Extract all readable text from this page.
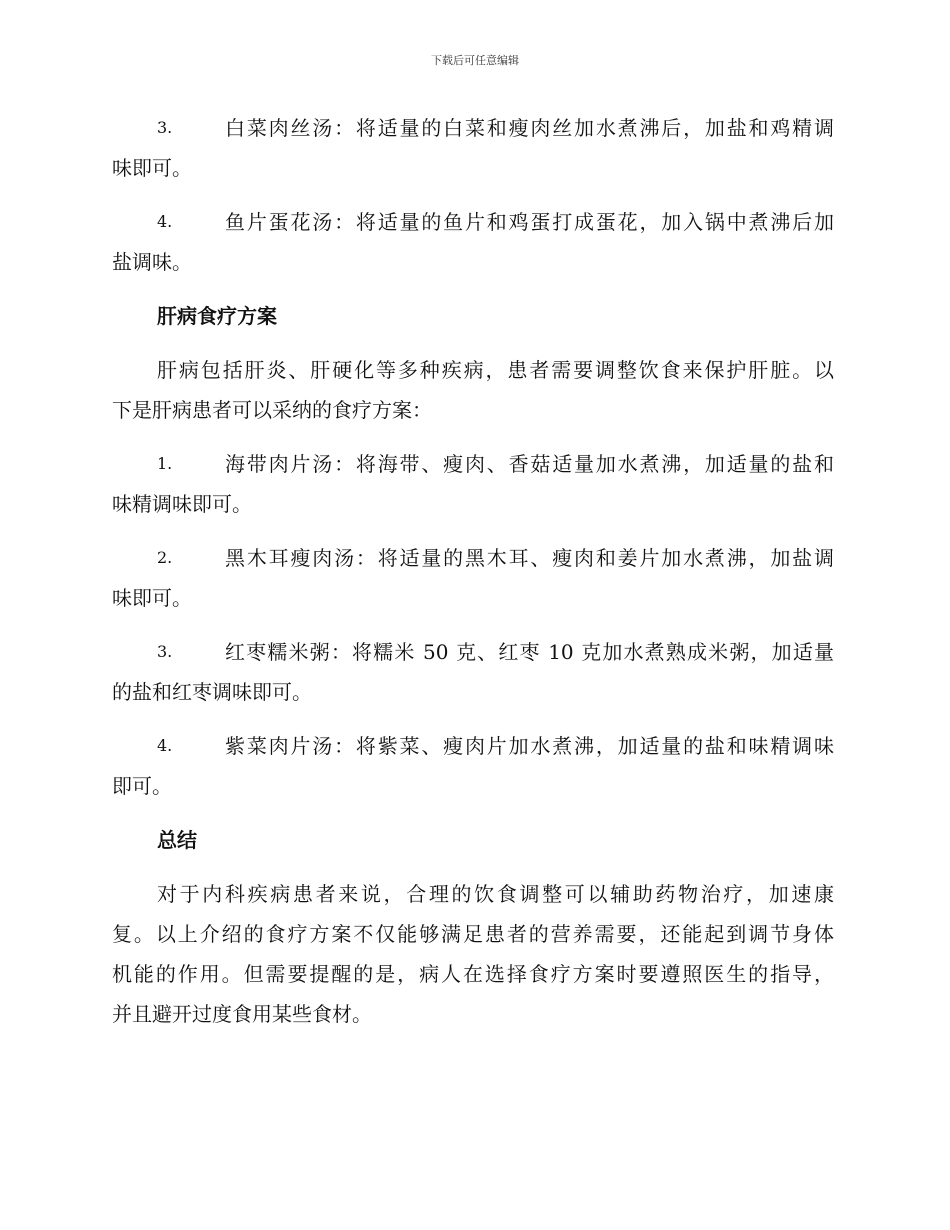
下载后可任意编辑
3.	白菜肉丝汤：将适量的白菜和瘦肉丝加水煮沸后，加盐和鸡精调
味即可。
4.	鱼片蛋花汤：将适量的鱼片和鸡蛋打成蛋花，加入锅中煮沸后加
盐调味。
肝病食疗方案
肝病包括肝炎、肝硬化等多种疾病，患者需要调整饮食来保护肝脏。以
下是肝病患者可以采纳的食疗方案：
1.	海带肉片汤：将海带、瘦肉、香菇适量加水煮沸，加适量的盐和
味精调味即可。
2.	黑木耳瘦肉汤：将适量的黑木耳、瘦肉和姜片加水煮沸，加盐调
味即可。
3.	红枣糯米粥：将糯米 50 克、红枣 10 克加水煮熟成米粥，加适量
的盐和红枣调味即可。
4.	紫菜肉片汤：将紫菜、瘦肉片加水煮沸，加适量的盐和味精调味
即可。
总结
对于内科疾病患者来说，合理的饮食调整可以辅助药物治疗，加速康
复。以上介绍的食疗方案不仅能够满足患者的营养需要，还能起到调节身体
机能的作用。但需要提醒的是，病人在选择食疗方案时要遵照医生的指导，
并且避开过度食用某些食材。
